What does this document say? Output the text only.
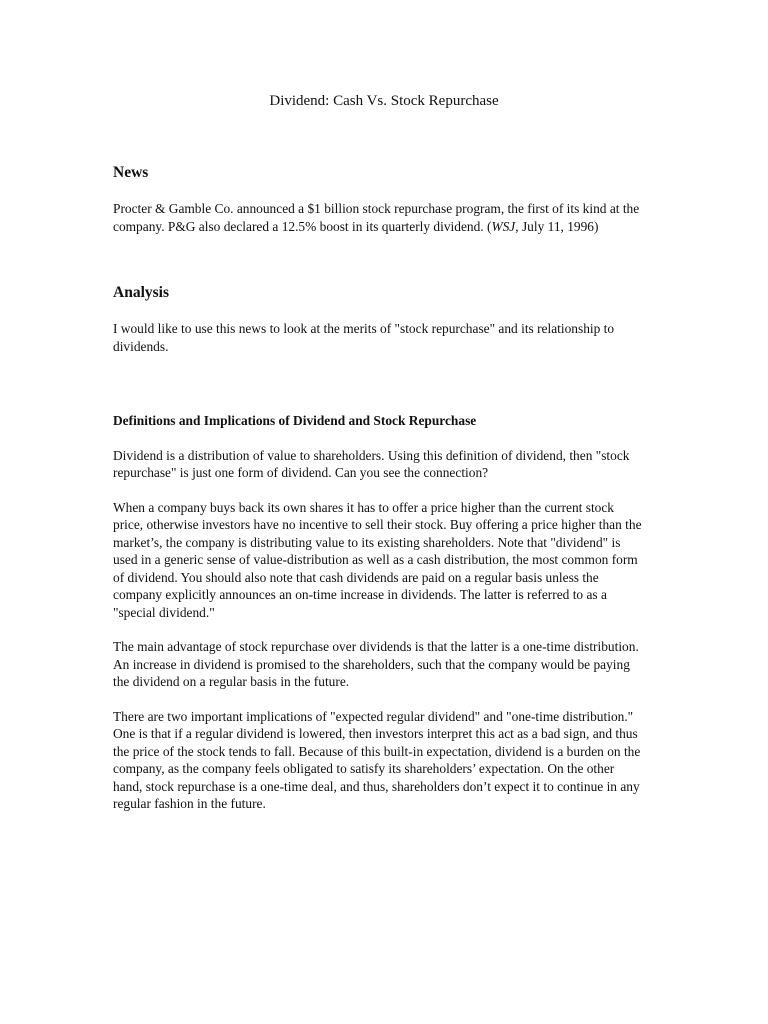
Dividend: Cash Vs. Stock Repurchase
News

Procter & Gamble Co. announced a $1 billion stock repurchase program, the first of its kind at the company. P&G also declared a 12.5% boost in its quarterly dividend. (WSJ, July 11, 1996)

Analysis

I would like to use this news to look at the merits of "stock repurchase" and its relationship to dividends.

Definitions and Implications of Dividend and Stock Repurchase

Dividend is a distribution of value to shareholders. Using this definition of dividend, then "stock repurchase" is just one form of dividend. Can you see the connection?

When a company buys back its own shares it has to offer a price higher than the current stock price, otherwise investors have no incentive to sell their stock. Buy offering a price higher than the market’s, the company is distributing value to its existing shareholders. Note that "dividend" is used in a generic sense of value-distribution as well as a cash distribution, the most common form of dividend. You should also note that cash dividends are paid on a regular basis unless the company explicitly announces an on-time increase in dividends. The latter is referred to as a "special dividend."

The main advantage of stock repurchase over dividends is that the latter is a one-time distribution. An increase in dividend is promised to the shareholders, such that the company would be paying the dividend on a regular basis in the future.

There are two important implications of "expected regular dividend" and "one-time distribution." One is that if a regular dividend is lowered, then investors interpret this act as a bad sign, and thus the price of the stock tends to fall. Because of this built-in expectation, dividend is a burden on the company, as the company feels obligated to satisfy its shareholders’ expectation. On the other hand, stock repurchase is a one-time deal, and thus, shareholders don’t expect it to continue in any regular fashion in the future.
